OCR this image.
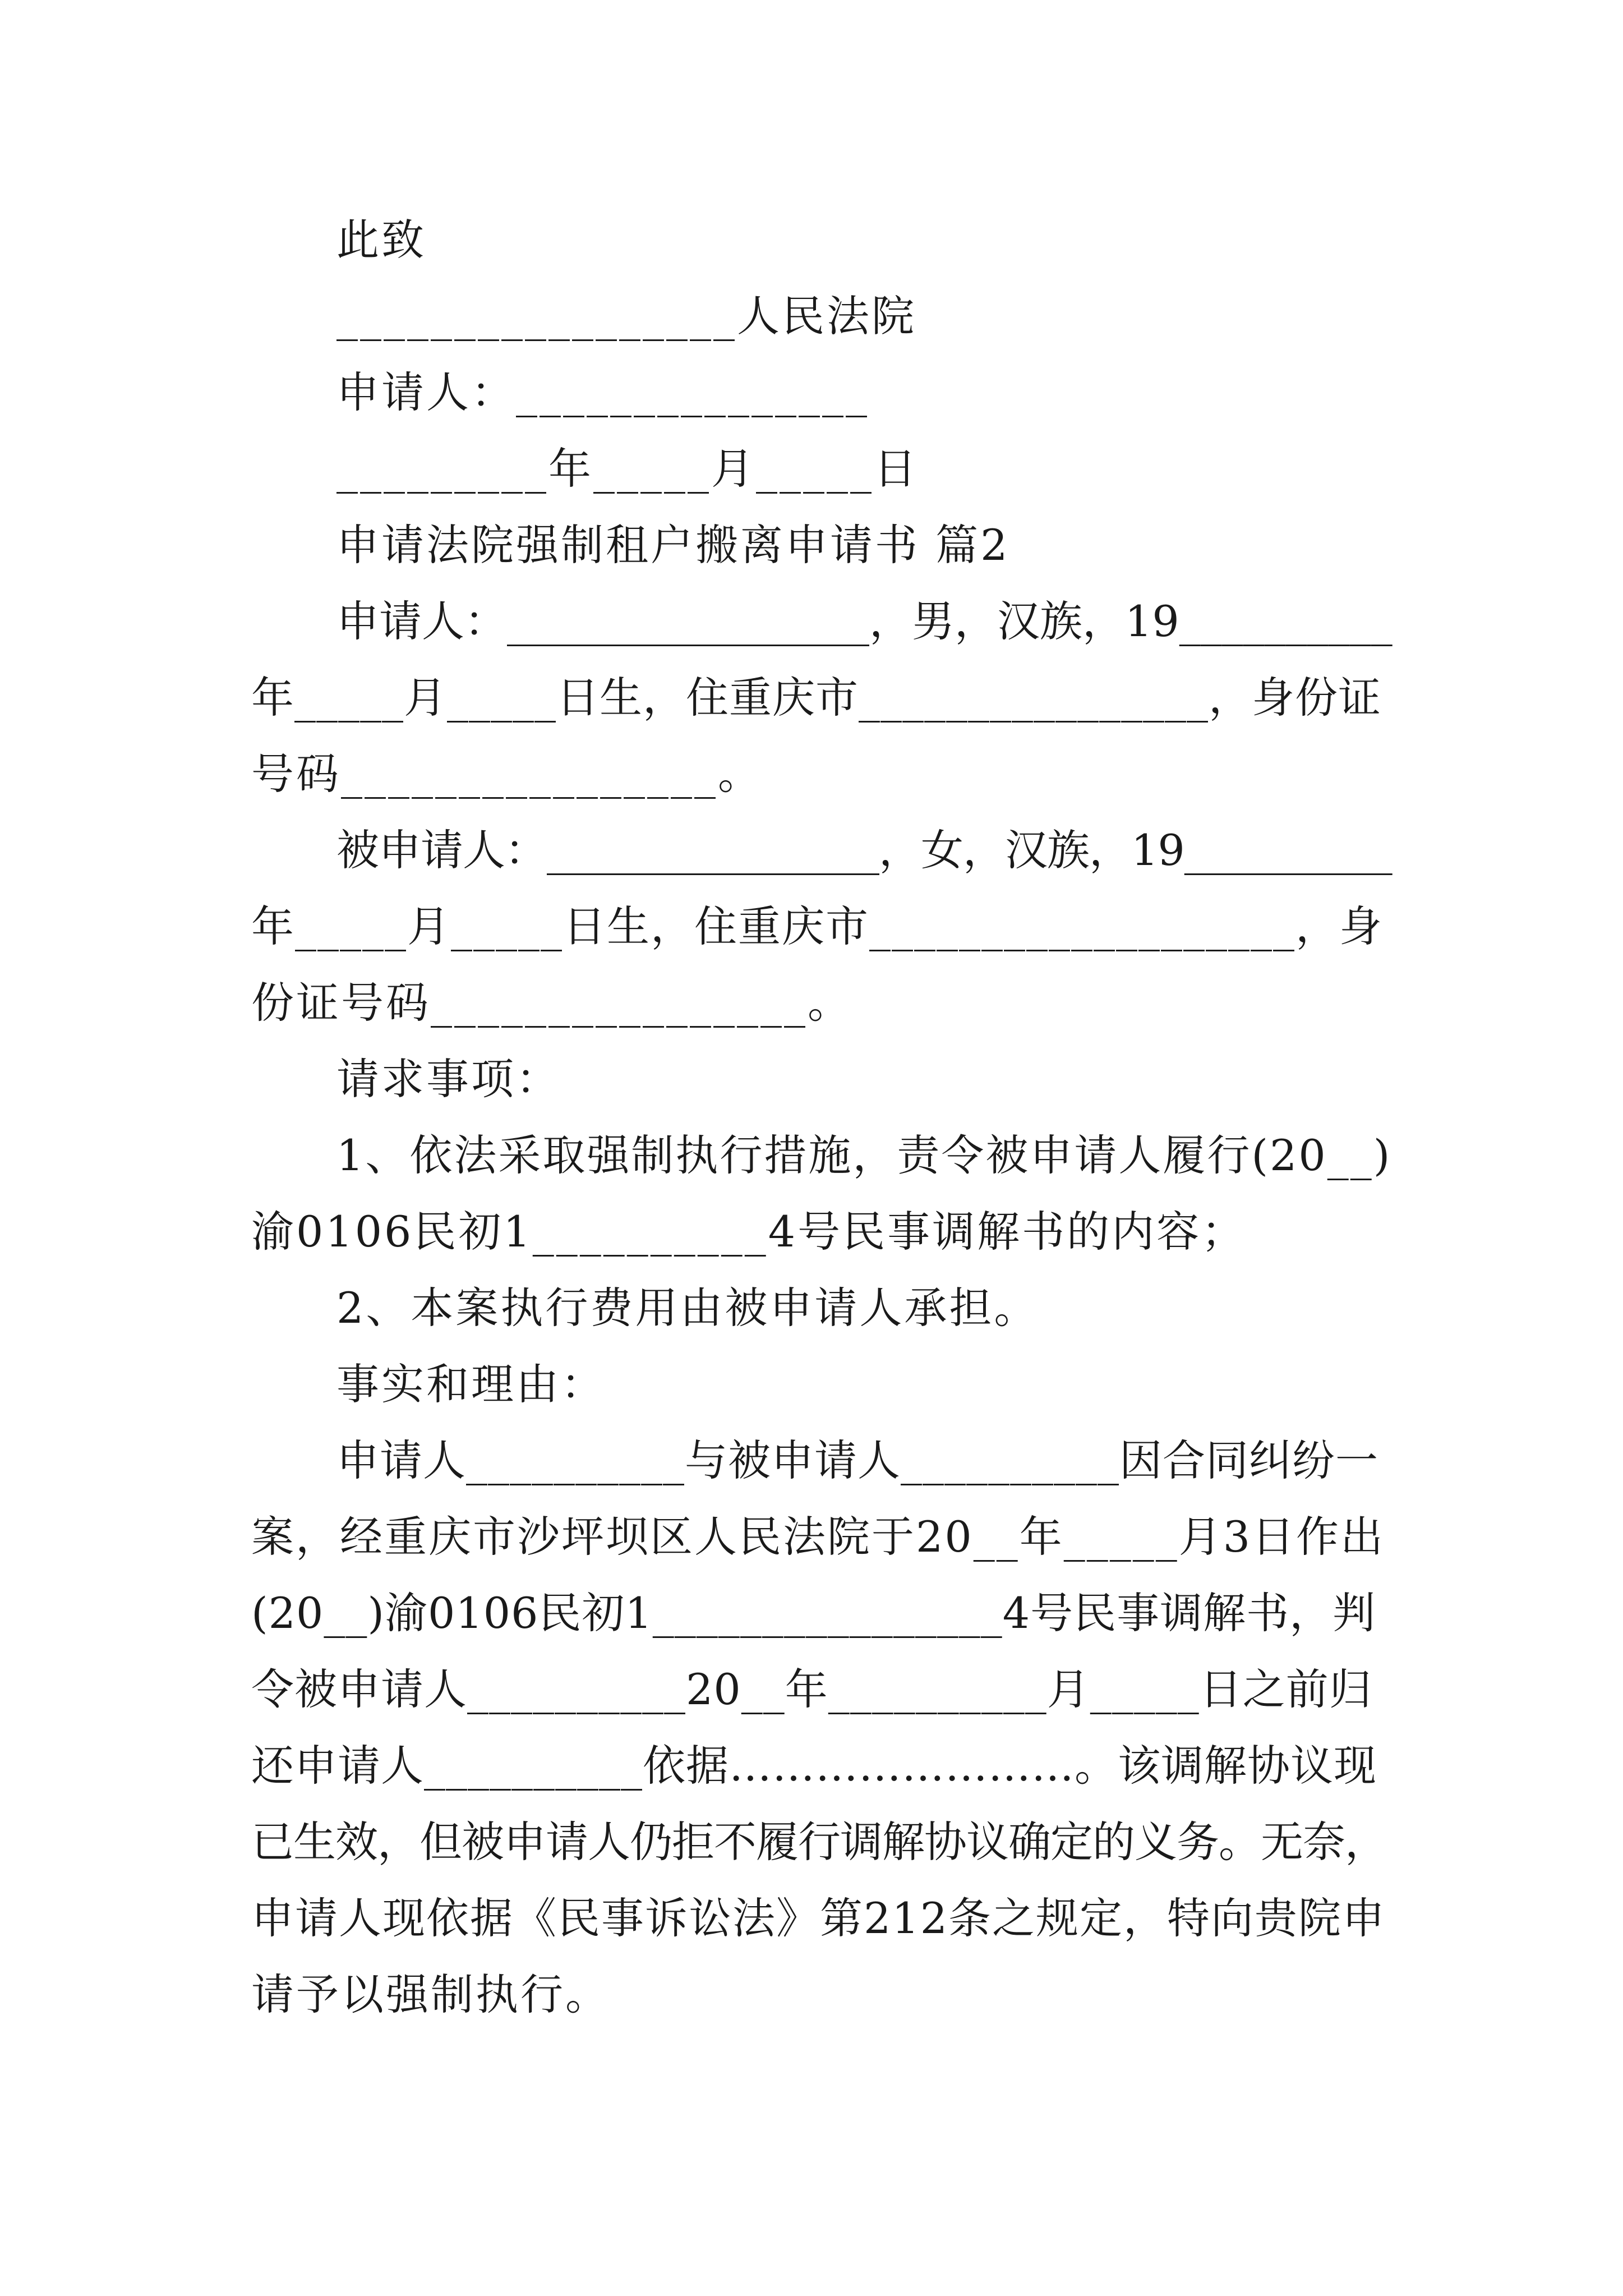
此致

_________________人民法院

申请人：_______________

_________年_____月_____日

申请法院强制租户搬离申请书 篇2

申请人：_________________，男，汉族，19__________

年_____月_____日生，住重庆市________________，身份证

号码________________。

被申请人：________________，女，汉族，19__________

年_____月_____日生，住重庆市___________________，身

份证号码________________。

请求事项：

1、依法采取强制执行措施，责令被申请人履行(20__)

渝0106民初1__________4号民事调解书的内容；

2、本案执行费用由被申请人承担。

事实和理由：

申请人__________与被申请人__________因合同纠纷一

案，经重庆市沙坪坝区人民法院于20__年_____月3日作出

(20__)渝0106民初1________________4号民事调解书，判

令被申请人__________20__年__________月_____日之前归

还申请人__________依据……………………。该调解协议现

已生效，但被申请人仍拒不履行调解协议确定的义务。无奈，

申请人现依据《民事诉讼法》第212条之规定，特向贵院申

请予以强制执行。
